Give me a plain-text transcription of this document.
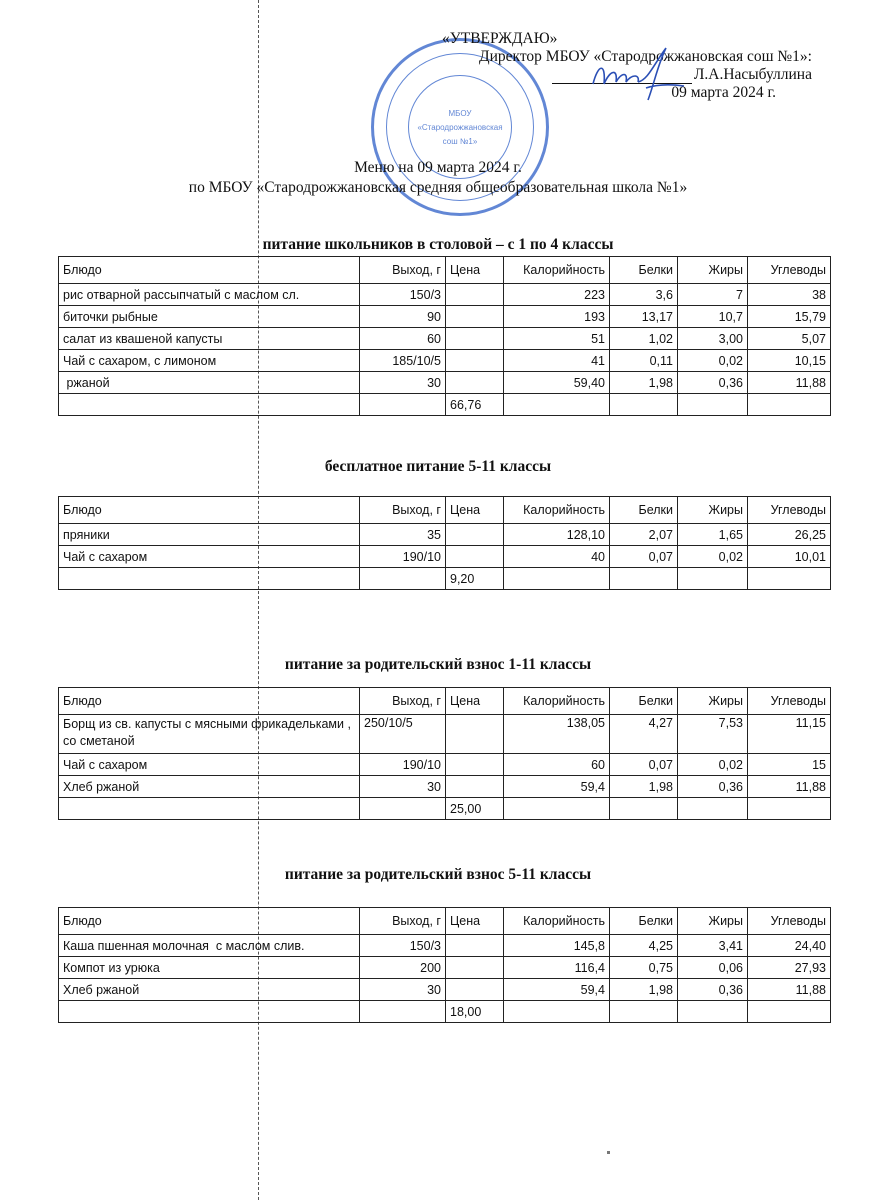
МБОУ
«Стародрожжановская
сош №1»
«УТВЕРЖДАЮ»
Директор МБОУ «Стародрожжановская сош №1»:
Л.А.Насыбуллина
09 марта 2024 г.
Меню на 09 марта 2024 г.
по МБОУ «Стародрожжановская средняя общеобразовательная школа №1»
питание школьников в столовой – с 1 по 4 классы
Блюдо	Выход, г	Цена	Калорийность	Белки	Жиры	Углеводы
рис отварной рассыпчатый с маслом сл.	150/3		223	3,6	7	38
биточки рыбные	90		193	13,17	10,7	15,79
салат из квашеной капусты	60		51	1,02	3,00	5,07
Чай с сахаром, с лимоном	185/10/5		41	0,11	0,02	10,15
ржаной	30		59,40	1,98	0,36	11,88
		66,76				
бесплатное питание 5-11 классы
Блюдо	Выход, г	Цена	Калорийность	Белки	Жиры	Углеводы
пряники	35		128,10	2,07	1,65	26,25
Чай с сахаром	190/10		40	0,07	0,02	10,01
		9,20				
питание за родительский взнос 1-11 классы
Блюдо	Выход, г	Цена	Калорийность	Белки	Жиры	Углеводы
Борщ из св. капусты с мясными фрикадельками , со сметаной	250/10/5		138,05	4,27	7,53	11,15
Чай с сахаром	190/10		60	0,07	0,02	15
Хлеб ржаной	30		59,4	1,98	0,36	11,88
		25,00				
питание за родительский взнос 5-11 классы
Блюдо	Выход, г	Цена	Калорийность	Белки	Жиры	Углеводы
Каша пшенная молочная  с маслом слив.	150/3		145,8	4,25	3,41	24,40
Компот из урюка	200		116,4	0,75	0,06	27,93
Хлеб ржаной	30		59,4	1,98	0,36	11,88
		18,00				
